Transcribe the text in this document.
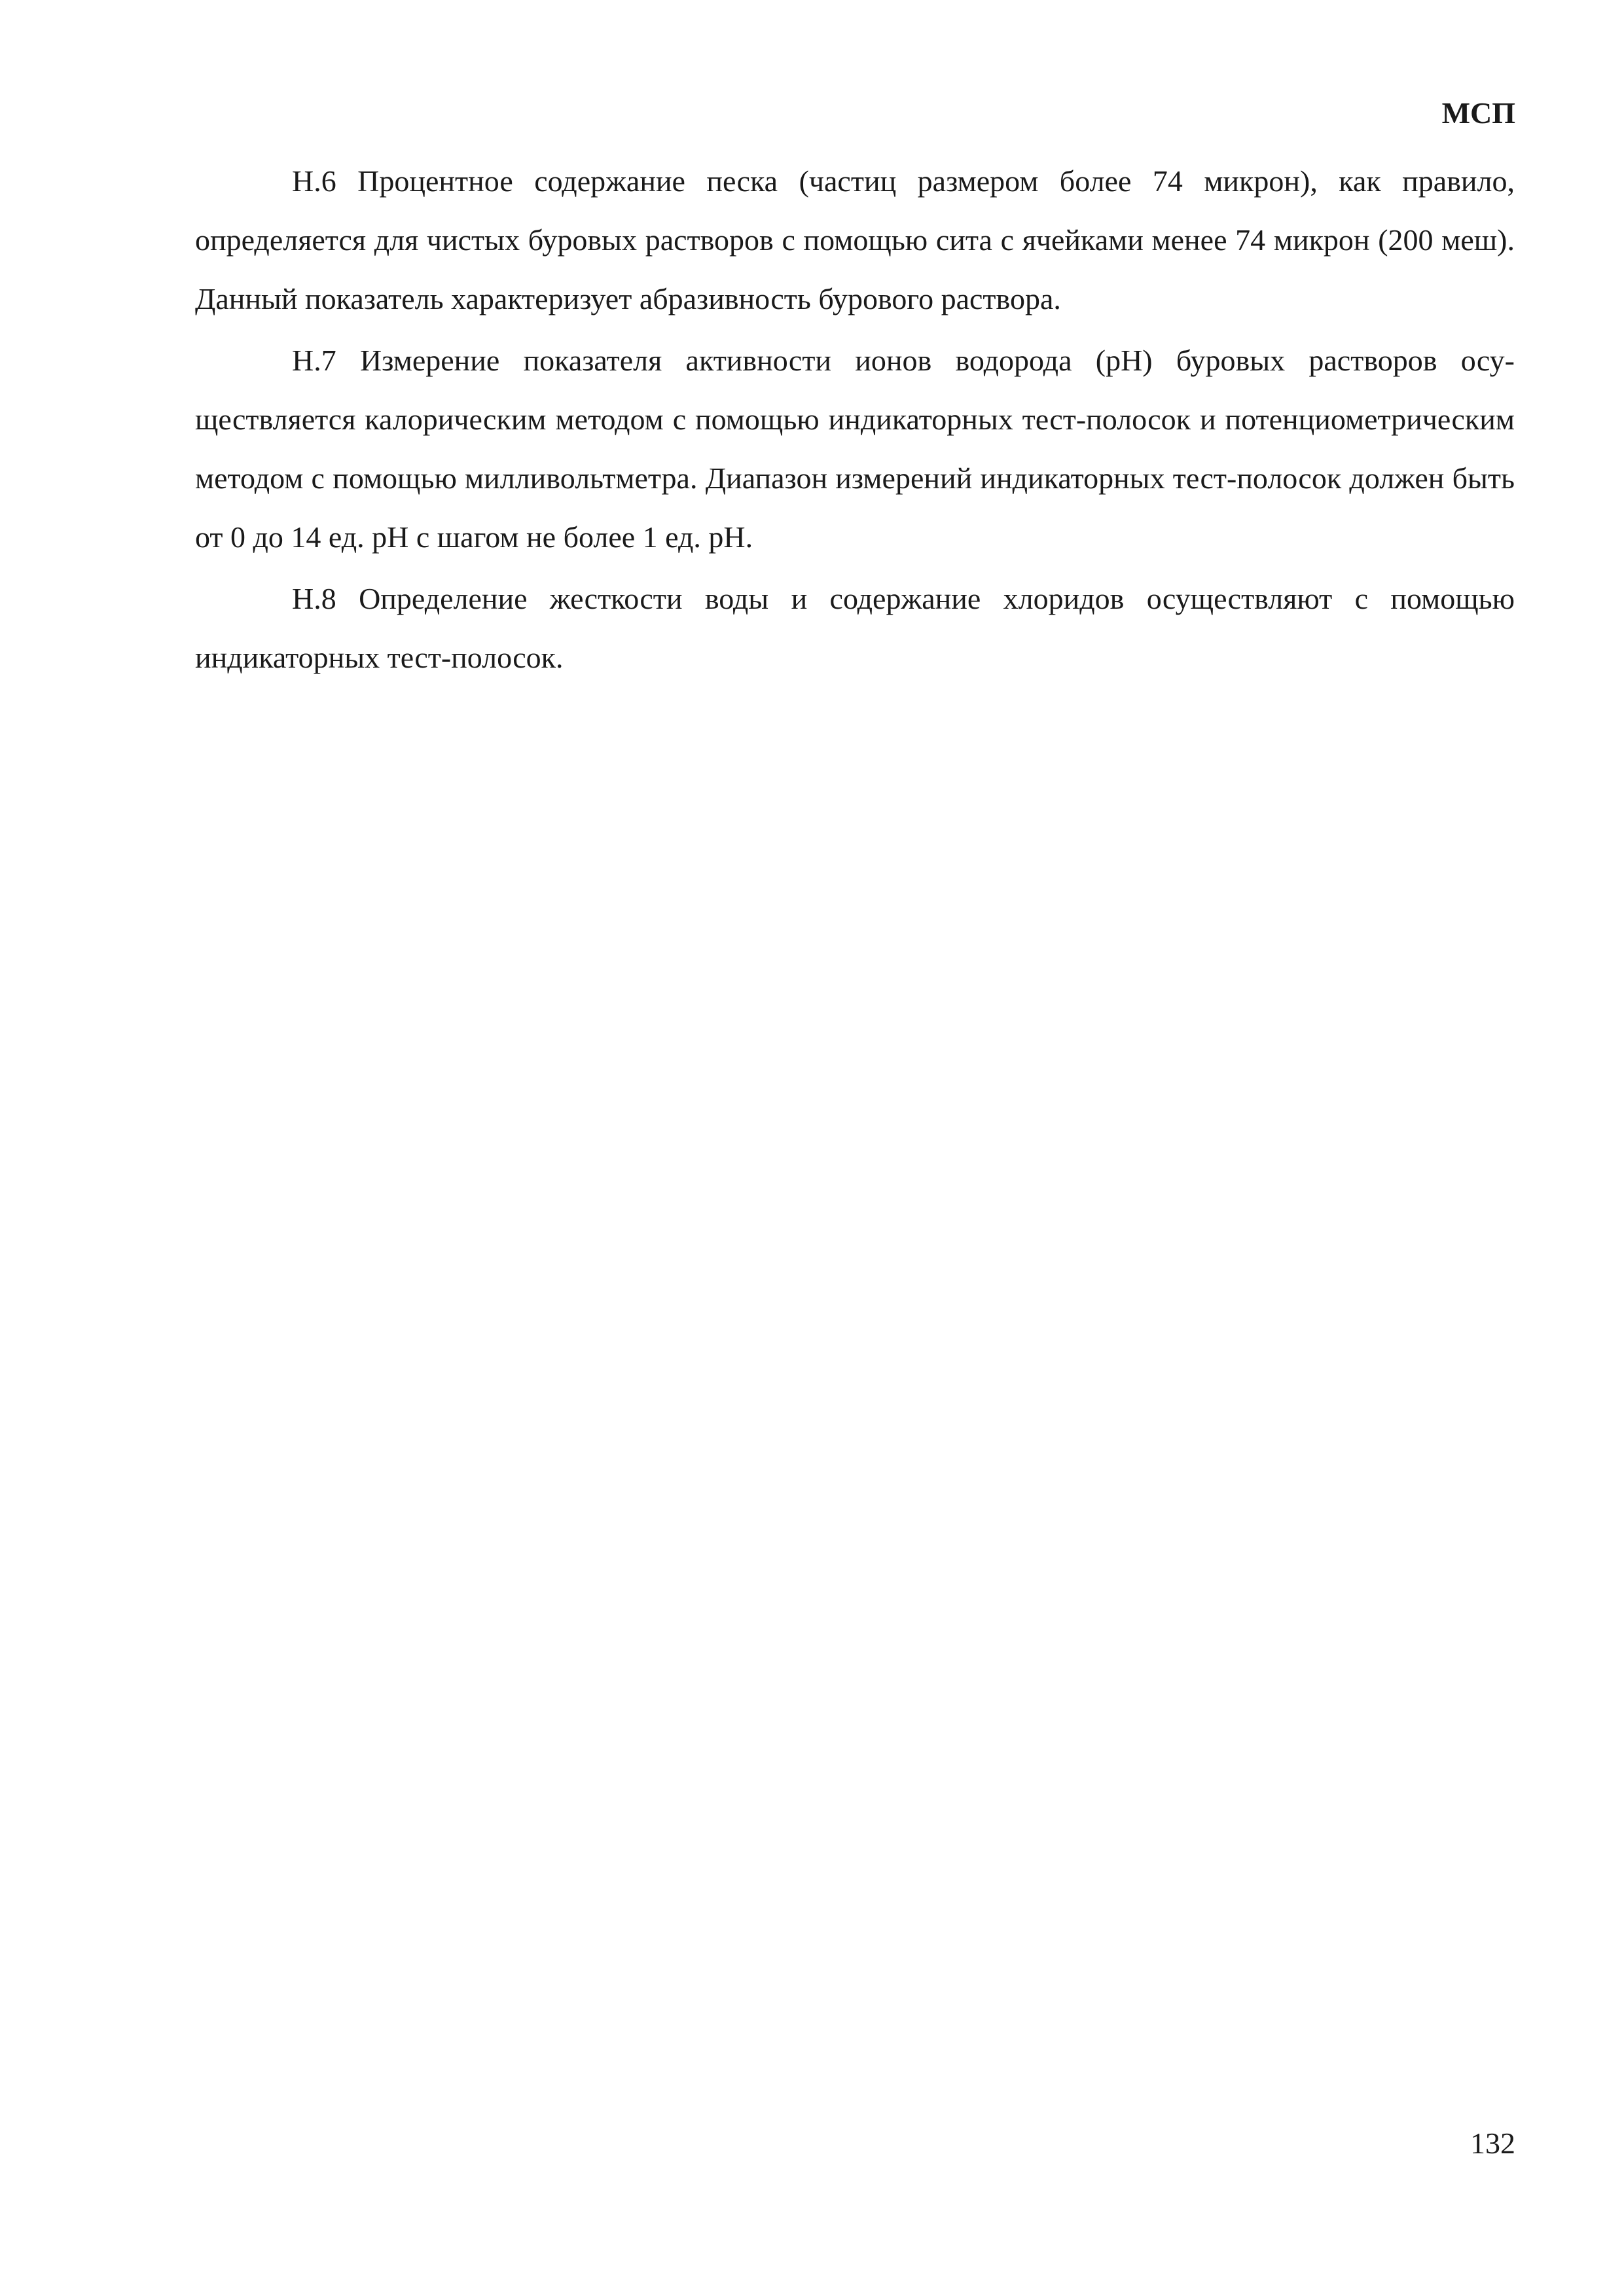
МСП

Н.6 Процентное содержание песка (частиц размером более 74 микрон), как правило, определяется для чистых буровых растворов с помощью сита с ячейками менее 74 микрон (200 меш). Данный показатель характеризует абразивность бурового раствора.

Н.7 Измерение показателя активности ионов водорода (pH) буровых растворов осуществляется калорическим методом с помощью индикаторных тест-полосок и потенциометрическим методом с помощью милливольтметра. Диапазон измерений индикаторных тест-полосок должен быть от 0 до 14 ед. pH с шагом не более 1 ед. pH.

Н.8 Определение жесткости воды и содержание хлоридов осуществляют с помощью индикаторных тест-полосок.

132
